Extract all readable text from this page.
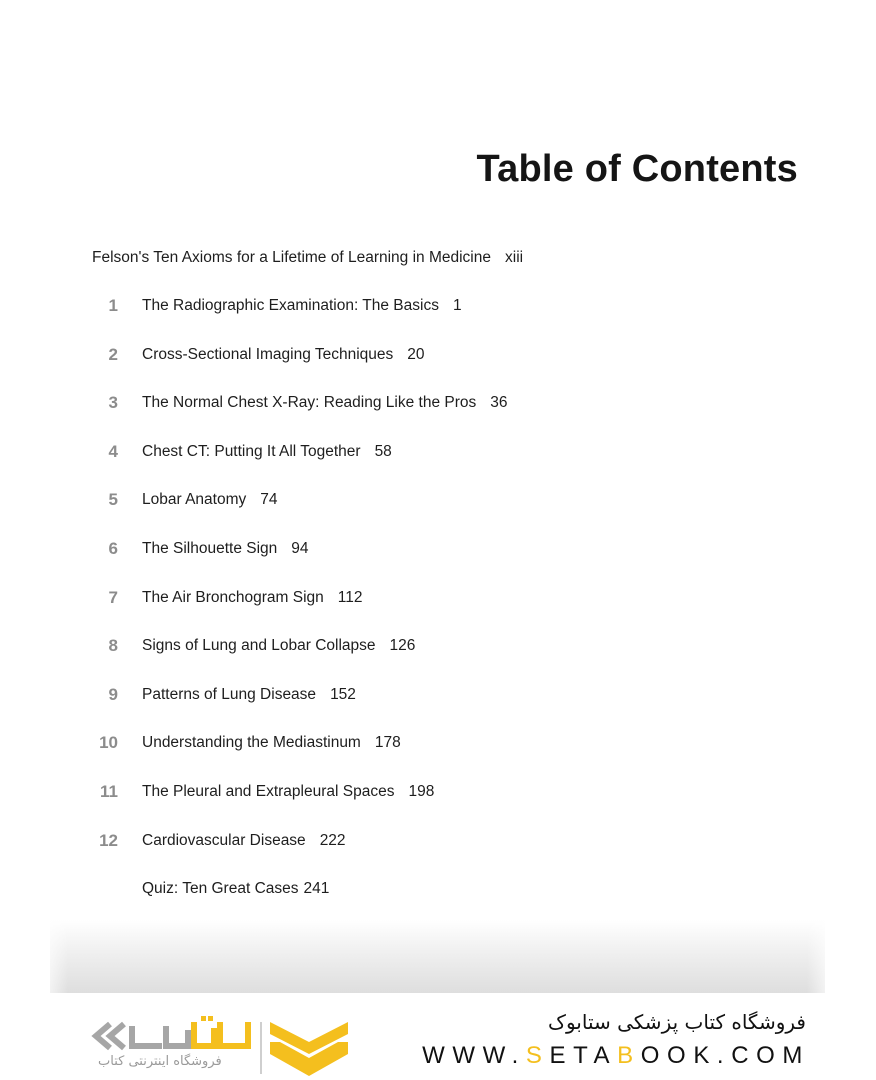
Table of Contents
Felson's Ten Axioms for a Lifetime of Learning in Medicine xiii
1 The Radiographic Examination: The Basics 1
2 Cross-Sectional Imaging Techniques 20
3 The Normal Chest X-Ray: Reading Like the Pros 36
4 Chest CT: Putting It All Together 58
5 Lobar Anatomy 74
6 The Silhouette Sign 94
7 The Air Bronchogram Sign 112
8 Signs of Lung and Lobar Collapse 126
9 Patterns of Lung Disease 152
10 Understanding the Mediastinum 178
11 The Pleural and Extrapleural Spaces 198
12 Cardiovascular Disease 222
Quiz: Ten Great Cases 241
فروشگاه اینترنتی کتاب
فروشگاه کتاب پزشکی ستابوک
WWW.SETABOOK.COM
